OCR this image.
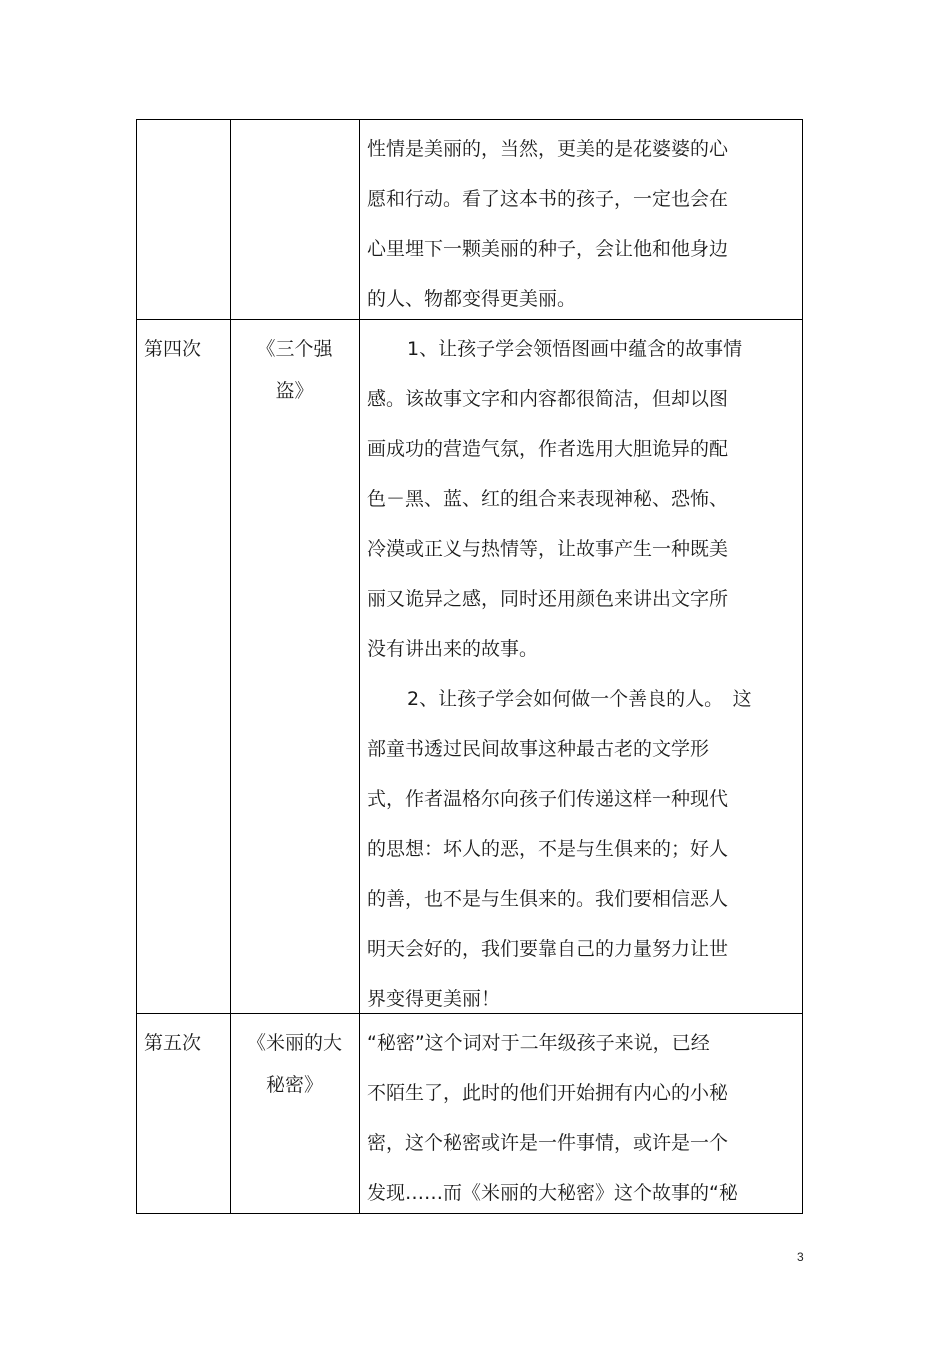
性情是美丽的，当然，更美的是花婆婆的心
愿和行动。看了这本书的孩子，一定也会在
心里埋下一颗美丽的种子，会让他和他身边
的人、物都变得更美丽。
第四次	《三个强
盗》
1、让孩子学会领悟图画中蕴含的故事情
感。该故事文字和内容都很简洁，但却以图
画成功的营造气氛，作者选用大胆诡异的配
色－黑、蓝、红的组合来表现神秘、恐怖、
冷漠或正义与热情等，让故事产生一种既美
丽又诡异之感，同时还用颜色来讲出文字所
没有讲出来的故事。
2、让孩子学会如何做一个善良的人。　这
部童书透过民间故事这种最古老的文学形
式，作者温格尔向孩子们传递这样一种现代
的思想：坏人的恶，不是与生俱来的；好人
的善，也不是与生俱来的。我们要相信恶人
明天会好的，我们要靠自己的力量努力让世
界变得更美丽！
第五次	《米丽的大
秘密》
“秘密”这个词对于二年级孩子来说，已经
不陌生了，此时的他们开始拥有内心的小秘
密，这个秘密或许是一件事情，或许是一个
发现……而《米丽的大秘密》这个故事的“秘
3
